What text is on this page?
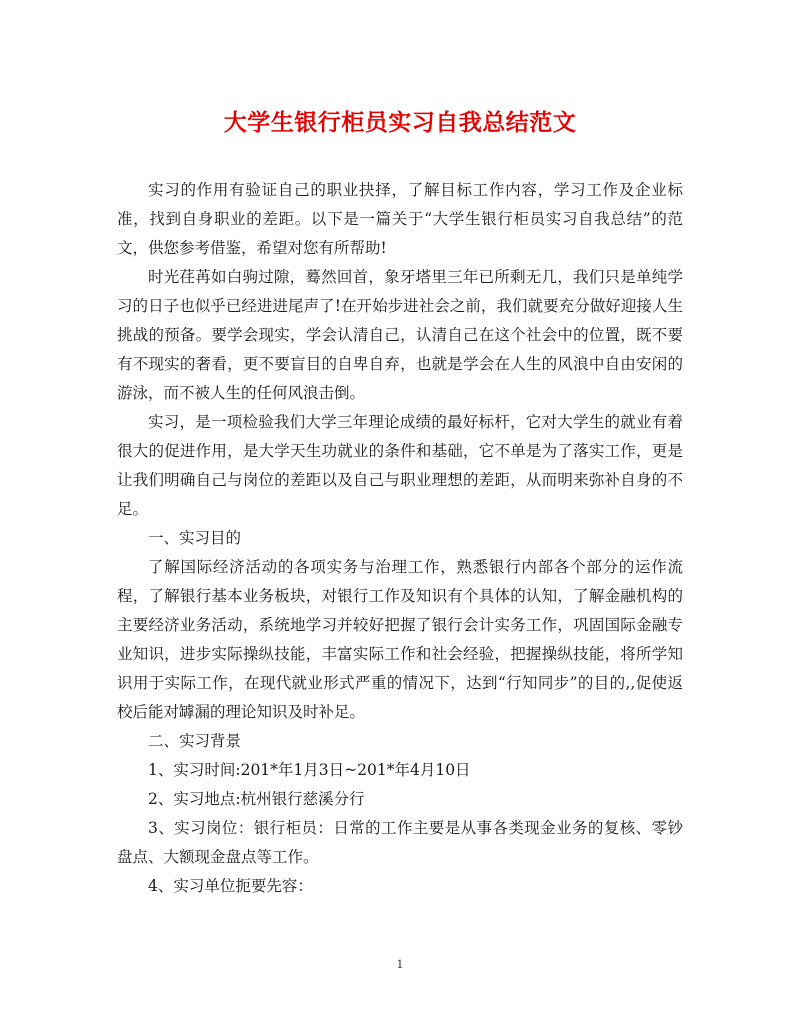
大学生银行柜员实习自我总结范文

实习的作用有验证自己的职业抉择，了解目标工作内容，学习工作及企业标准，找到自身职业的差距。以下是一篇关于“大学生银行柜员实习自我总结”的范文，供您参考借鉴，希望对您有所帮助!

时光荏苒如白驹过隙，蓦然回首，象牙塔里三年已所剩无几，我们只是单纯学习的日子也似乎已经进进尾声了!在开始步进社会之前，我们就要充分做好迎接人生挑战的预备。要学会现实，学会认清自己，认清自己在这个社会中的位置，既不要有不现实的奢看，更不要盲目的自卑自弃，也就是学会在人生的风浪中自由安闲的游泳，而不被人生的任何风浪击倒。

实习，是一项检验我们大学三年理论成绩的最好标杆，它对大学生的就业有着很大的促进作用，是大学天生功就业的条件和基础，它不单是为了落实工作，更是让我们明确自己与岗位的差距以及自己与职业理想的差距，从而明来弥补自身的不足。

一、实习目的

了解国际经济活动的各项实务与治理工作，熟悉银行内部各个部分的运作流程，了解银行基本业务板块，对银行工作及知识有个具体的认知，了解金融机构的主要经济业务活动，系统地学习并较好把握了银行会计实务工作，巩固国际金融专业知识，进步实际操纵技能，丰富实际工作和社会经验，把握操纵技能，将所学知识用于实际工作，在现代就业形式严重的情况下，达到“行知同步”的目的,,促使返校后能对罅漏的理论知识及时补足。

二、实习背景

1、实习时间:201*年1月3日~201*年4月10日

2、实习地点:杭州银行慈溪分行

3、实习岗位：银行柜员：日常的工作主要是从事各类现金业务的复核、零钞盘点、大额现金盘点等工作。

4、实习单位扼要先容：

1
